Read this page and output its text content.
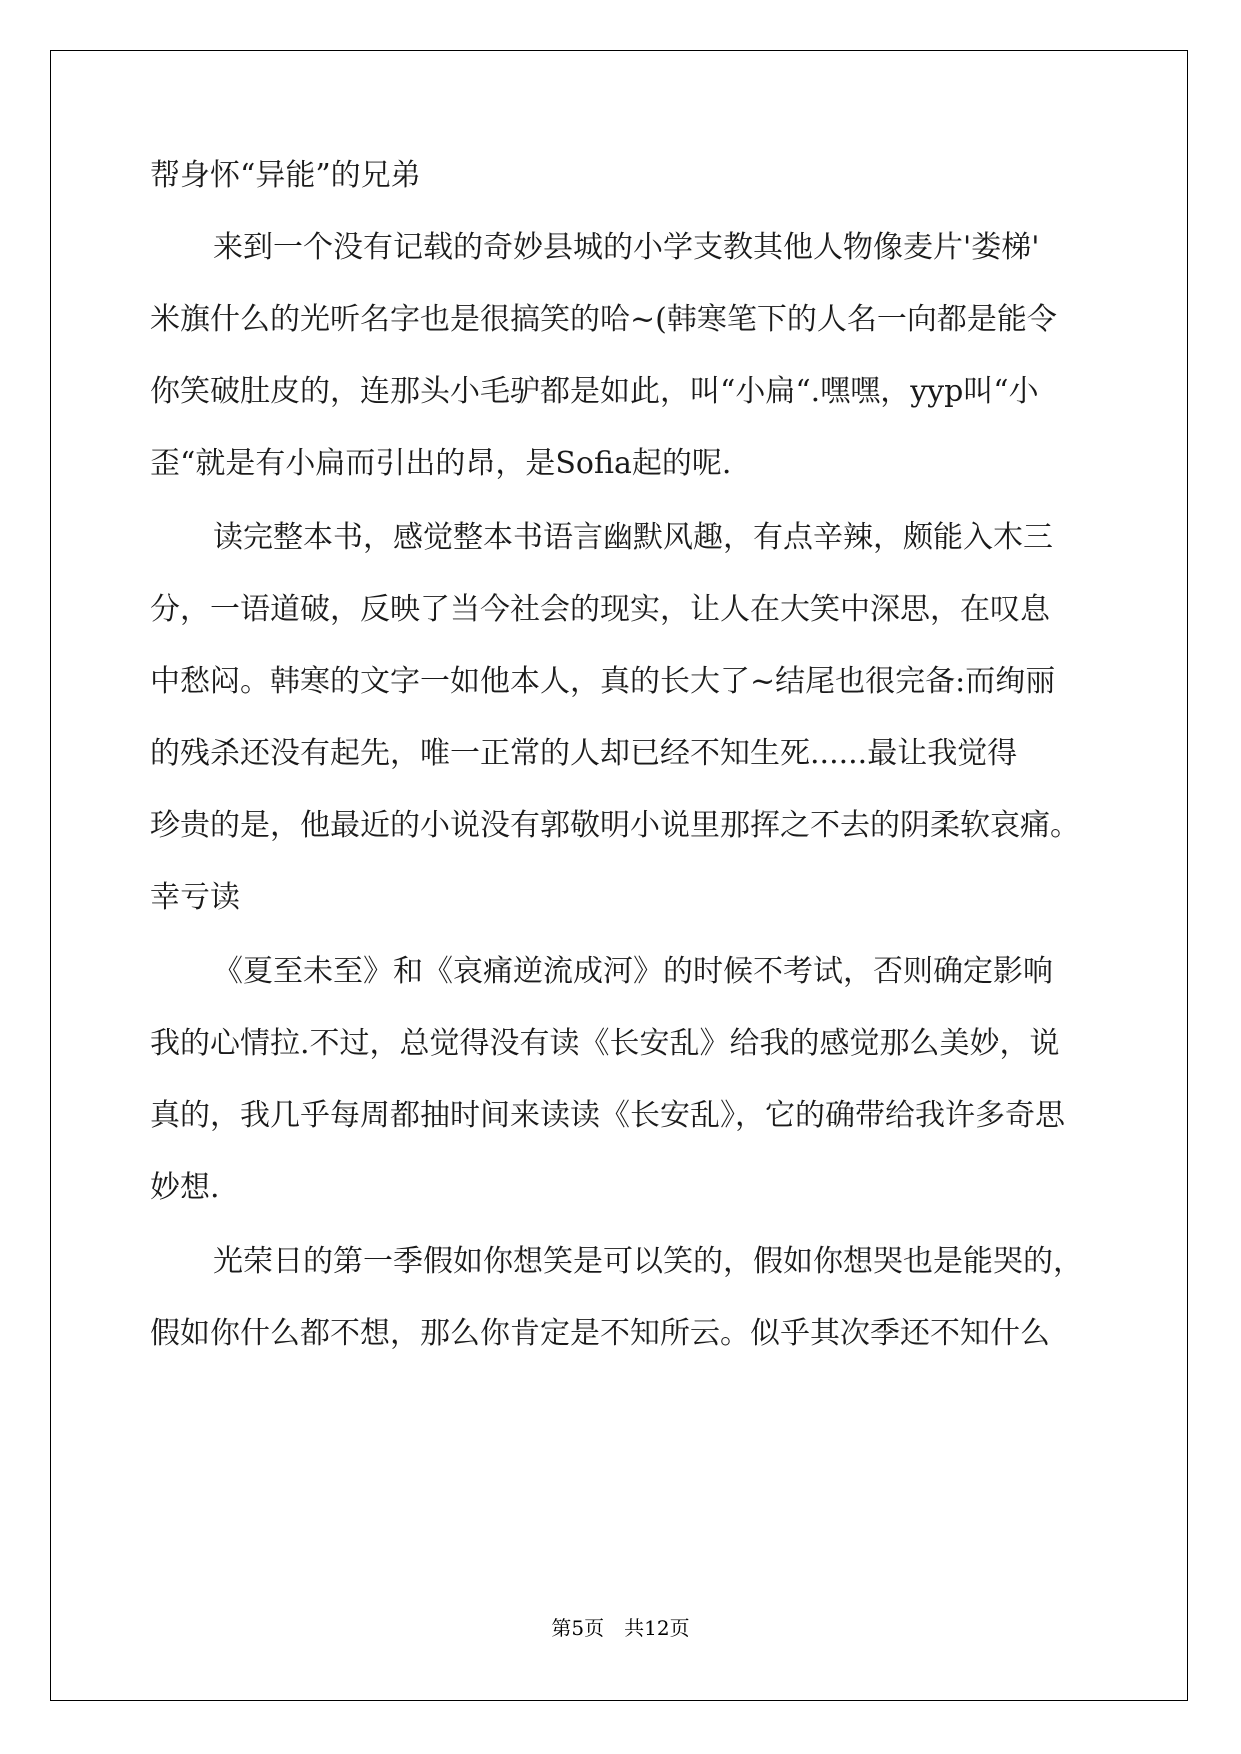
帮身怀“异能”的兄弟
来到一个没有记载的奇妙县城的小学支教其他人物像麦片'娄梯'
米旗什么的光听名字也是很搞笑的哈~(韩寒笔下的人名一向都是能令
你笑破肚皮的，连那头小毛驴都是如此，叫“小扁“.嘿嘿，yyp叫“小
歪“就是有小扁而引出的昂，是Sofia起的呢.
读完整本书，感觉整本书语言幽默风趣，有点辛辣，颇能入木三
分，一语道破，反映了当今社会的现实，让人在大笑中深思，在叹息
中愁闷。韩寒的文字一如他本人，真的长大了~结尾也很完备:而绚丽
的残杀还没有起先，唯一正常的人却已经不知生死......最让我觉得
珍贵的是，他最近的小说没有郭敬明小说里那挥之不去的阴柔软哀痛。
幸亏读
《夏至未至》和《哀痛逆流成河》的时候不考试，否则确定影响
我的心情拉.不过，总觉得没有读《长安乱》给我的感觉那么美妙，说
真的，我几乎每周都抽时间来读读《长安乱》，它的确带给我许多奇思
妙想.
光荣日的第一季假如你想笑是可以笑的，假如你想哭也是能哭的，
假如你什么都不想，那么你肯定是不知所云。似乎其次季还不知什么
第5页　共12页
